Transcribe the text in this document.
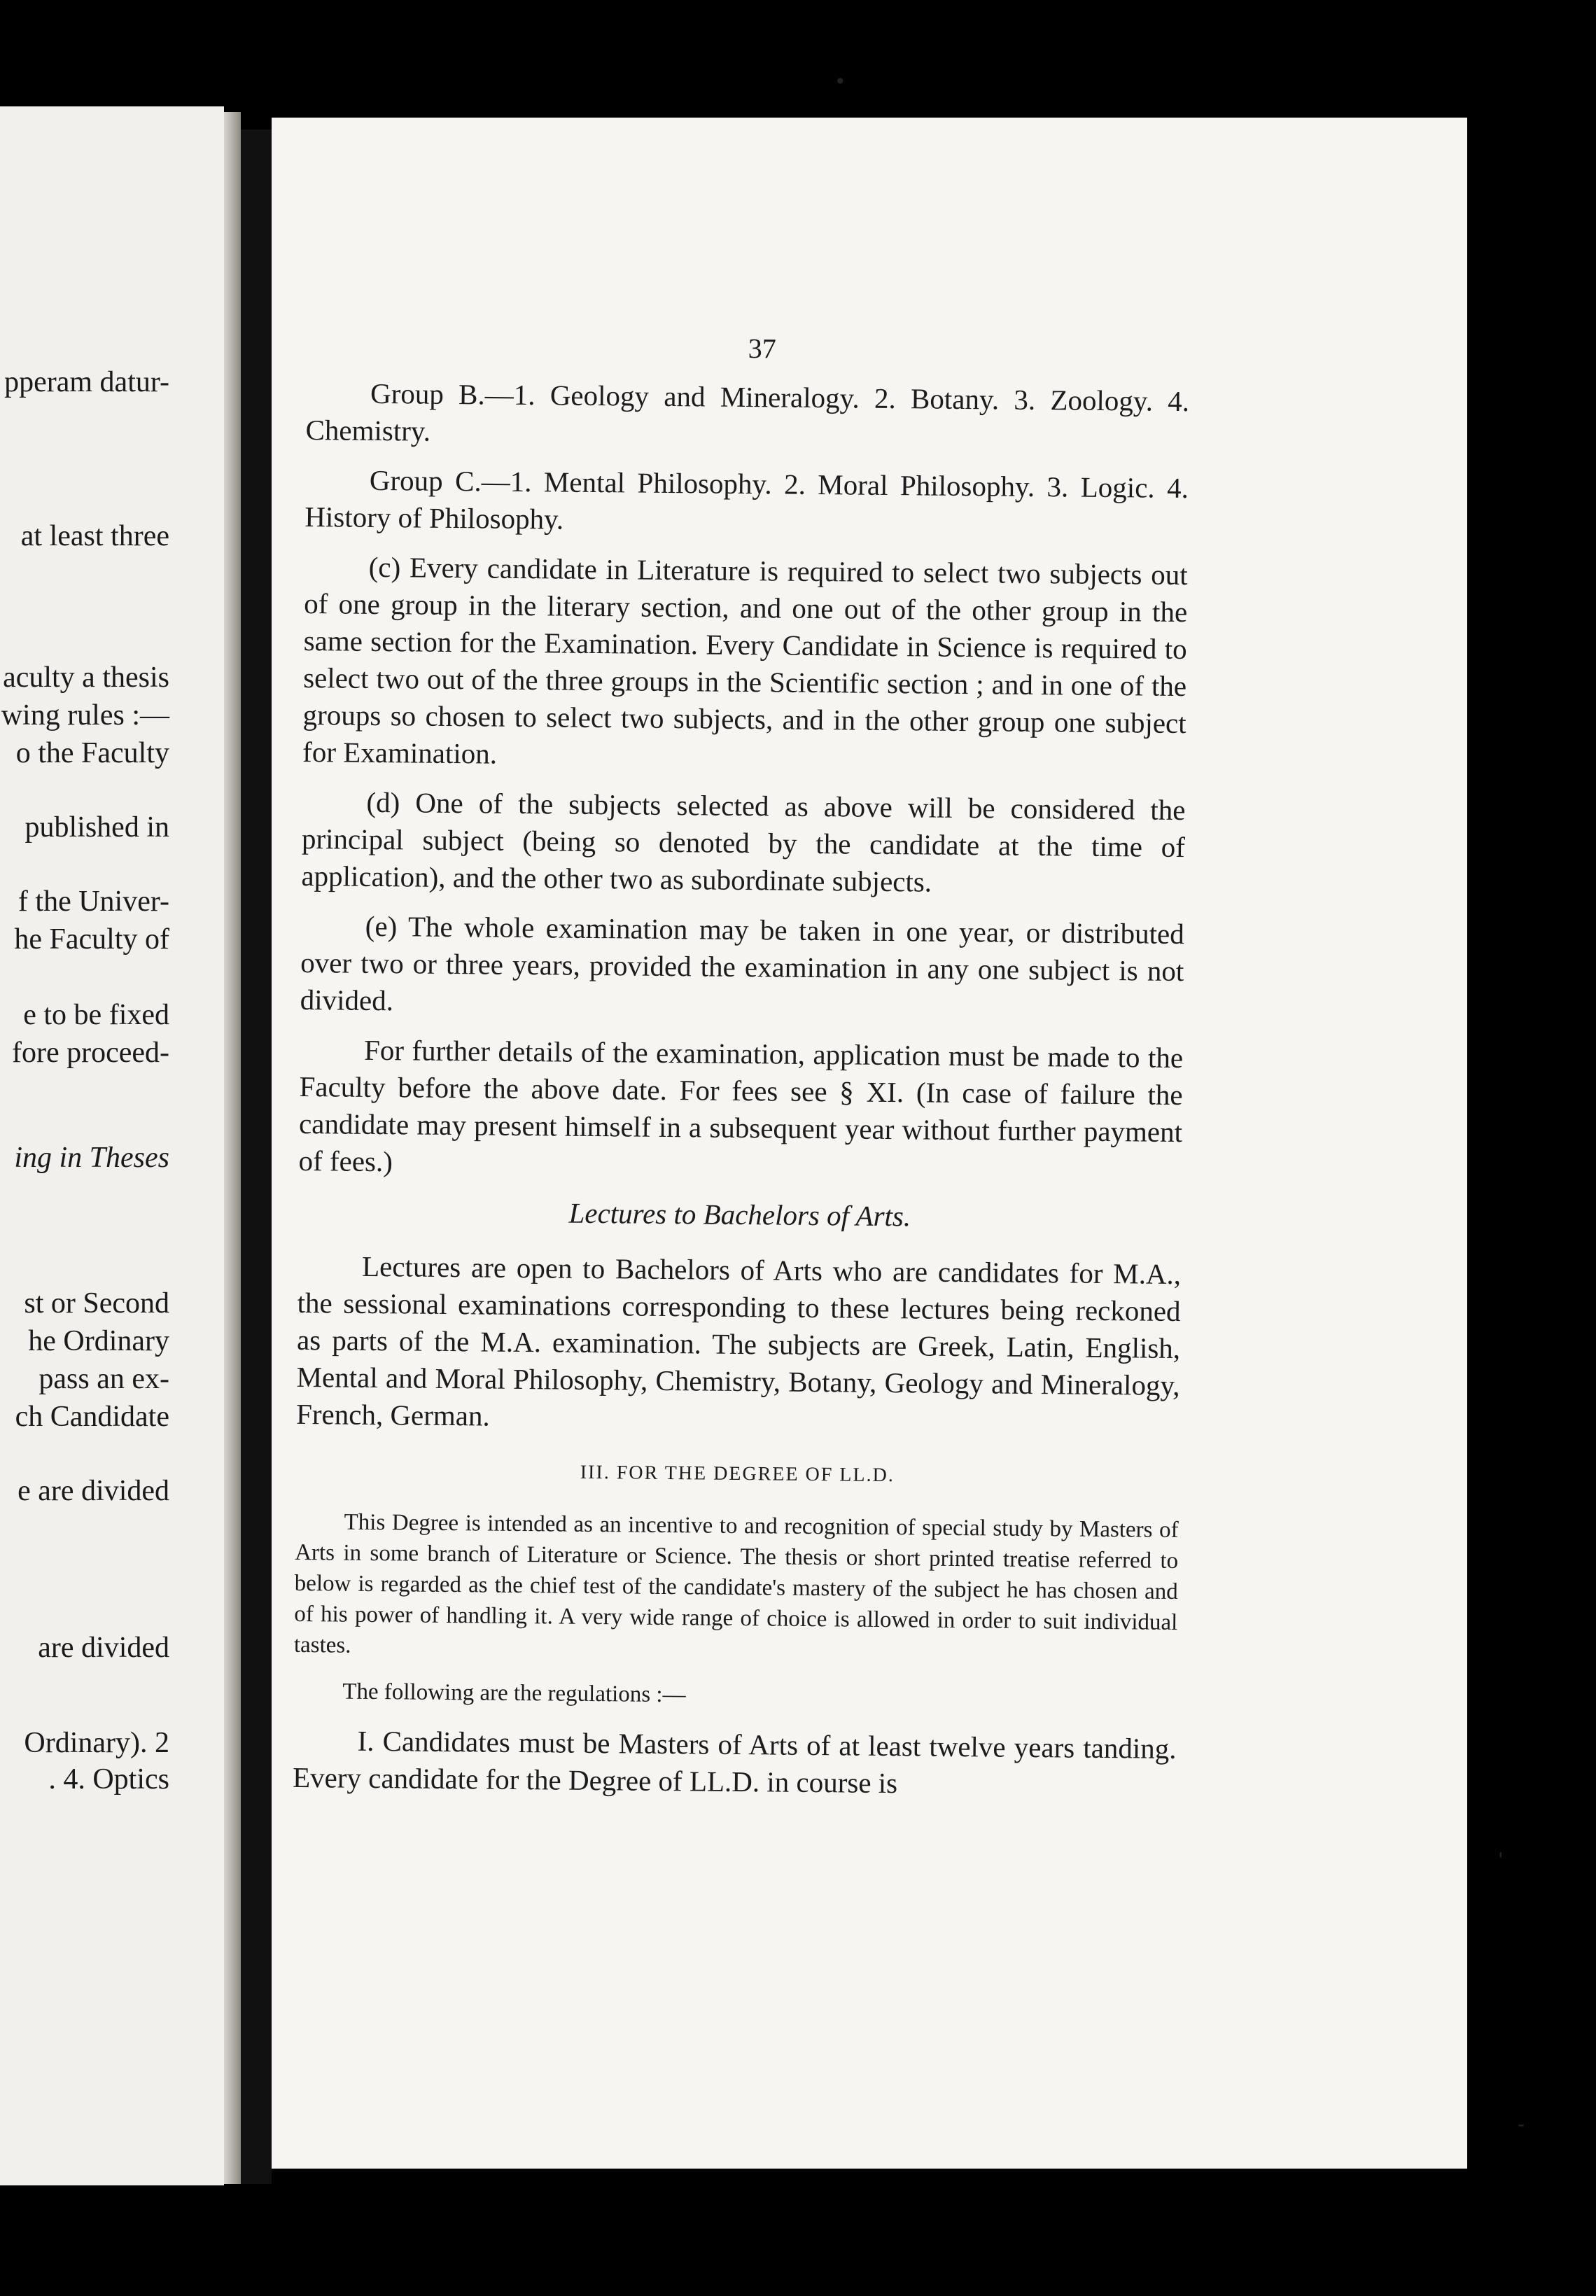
pperam datur-
at least three
aculty a thesis
wing rules :—
o the Faculty
published in
f the Univer-
he Faculty of
e to be fixed
fore proceed-
ing in Theses
st or Second
he Ordinary
pass an ex-
ch Candidate
e are divided
are divided
Ordinary). 2
. 4. Optics
37

Group B.—1. Geology and Mineralogy. 2. Botany. 3. Zoology. 4. Chemistry.

Group C.—1. Mental Philosophy. 2. Moral Philosophy. 3. Logic. 4. History of Philosophy.

(c) Every candidate in Literature is required to select two subjects out of one group in the literary section, and one out of the other group in the same section for the Examination. Every Candidate in Science is required to select two out of the three groups in the Scientific section ; and in one of the groups so chosen to select two subjects, and in the other group one subject for Examination.

(d) One of the subjects selected as above will be considered the principal subject (being so denoted by the candidate at the time of application), and the other two as subordinate subjects.

(e) The whole examination may be taken in one year, or distributed over two or three years, provided the examination in any one subject is not divided.

For further details of the examination, application must be made to the Faculty before the above date. For fees see § XI. (In case of failure the candidate may present himself in a subsequent year without further payment of fees.)

Lectures to Bachelors of Arts.

Lectures are open to Bachelors of Arts who are candidates for M.A., the sessional examinations corresponding to these lectures being reckoned as parts of the M.A. examination. The subjects are Greek, Latin, English, Mental and Moral Philosophy, Chemistry, Botany, Geology and Mineralogy, French, German.

III. FOR THE DEGREE OF LL.D.

This Degree is intended as an incentive to and recognition of special study by Masters of Arts in some branch of Literature or Science. The thesis or short printed treatise referred to below is regarded as the chief test of the candidate's mastery of the subject he has chosen and of his power of handling it. A very wide range of choice is allowed in order to suit individual tastes.

The following are the regulations :—

I. Candidates must be Masters of Arts of at least twelve years tanding. Every candidate for the Degree of LL.D. in course is

•
'
-
